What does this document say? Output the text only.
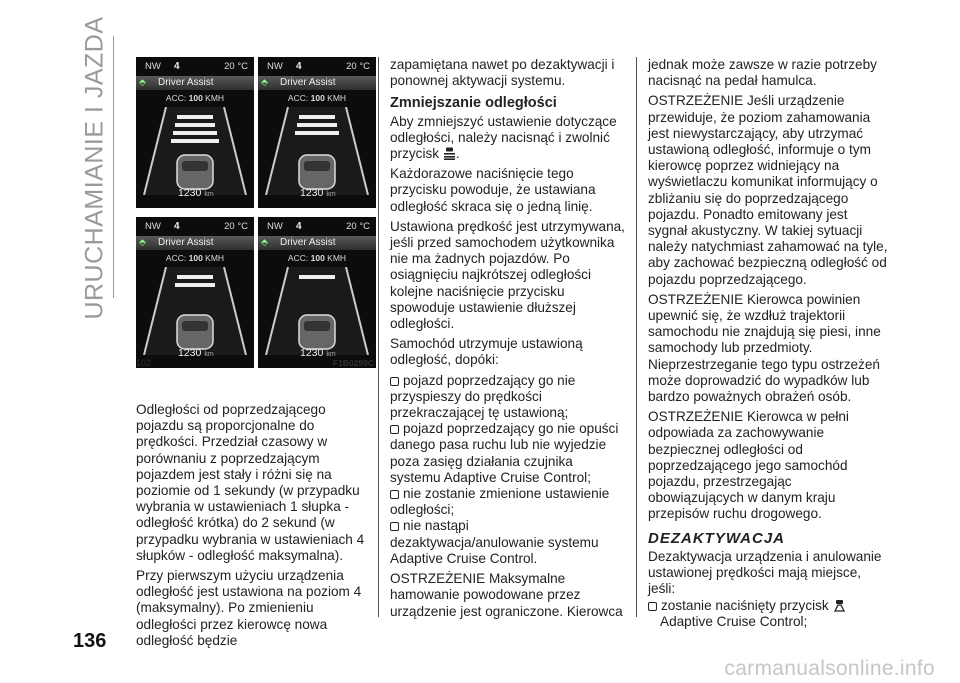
URUCHAMIANIE I JAZDA	NW 4	20 °C
⬘ Driver Assist
ACC: 100 KMH
1230 km
NW 4	20 °C
⬘ Driver Assist
ACC: 100 KMH
1230 km
NW 4	20 °C
⬘ Driver Assist
ACC: 100 KMH
1230 km
NW 4	20 °C
⬘ Driver Assist
ACC: 100 KMH
1230 km
102	F1B0299C

Odległości od poprzedzającego pojazdu są proporcjonalne do prędkości. Przedział czasowy w porównaniu z poprzedzającym pojazdem jest stały i różni się na poziomie od 1 sekundy (w przypadku wybrania w ustawieniach 1 słupka - odległość krótka) do 2 sekund (w przypadku wybrania w ustawieniach 4 słupków - odległość maksymalna).

Przy pierwszym użyciu urządzenia odległość jest ustawiona na poziom 4 (maksymalny). Po zmienieniu odległości przez kierowcę nowa odległość będzie

zapamiętana nawet po dezaktywacji i ponownej aktywacji systemu.

Zmniejszanie odległości

Aby zmniejszyć ustawienie dotyczące odległości, należy nacisnąć i zwolnić przycisk .

Każdorazowe naciśnięcie tego przycisku powoduje, że ustawiana odległość skraca się o jedną linię.

Ustawiona prędkość jest utrzymywana, jeśli przed samochodem użytkownika nie ma żadnych pojazdów. Po osiągnięciu najkrótszej odległości kolejne naciśnięcie przycisku spowoduje ustawienie dłuższej odległości.

Samochód utrzymuje ustawioną odległość, dopóki:

pojazd poprzedzający go nie przyspieszy do prędkości przekraczającej tę ustawioną;

pojazd poprzedzający go nie opuści danego pasa ruchu lub nie wyjedzie poza zasięg działania czujnika systemu Adaptive Cruise Control;

nie zostanie zmienione ustawienie odległości;

nie nastąpi dezaktywacja/anulowanie systemu Adaptive Cruise Control.

OSTRZEŻENIE Maksymalne hamowanie powodowane przez urządzenie jest ograniczone. Kierowca

jednak może zawsze w razie potrzeby nacisnąć na pedał hamulca.

OSTRZEŻENIE Jeśli urządzenie przewiduje, że poziom zahamowania jest niewystarczający, aby utrzymać ustawioną odległość, informuje o tym kierowcę poprzez widniejący na wyświetlaczu komunikat informujący o zbliżaniu się do poprzedzającego pojazdu. Ponadto emitowany jest sygnał akustyczny. W takiej sytuacji należy natychmiast zahamować na tyle, aby zachować bezpieczną odległość od pojazdu poprzedzającego.

OSTRZEŻENIE Kierowca powinien upewnić się, że wzdłuż trajektorii samochodu nie znajdują się piesi, inne samochody lub przedmioty. Nieprzestrzeganie tego typu ostrzeżeń może doprowadzić do wypadków lub bardzo poważnych obrażeń osób.

OSTRZEŻENIE Kierowca w pełni odpowiada za zachowywanie bezpiecznej odległości od poprzedzającego jego samochód pojazdu, przestrzegając obowiązujących w danym kraju przepisów ruchu drogowego.

DEZAKTYWACJA

Dezaktywacja urządzenia i anulowanie ustawionej prędkości mają miejsce, jeśli:

zostanie naciśnięty przycisk
Adaptive Cruise Control;

136
carmanualsonline.info
